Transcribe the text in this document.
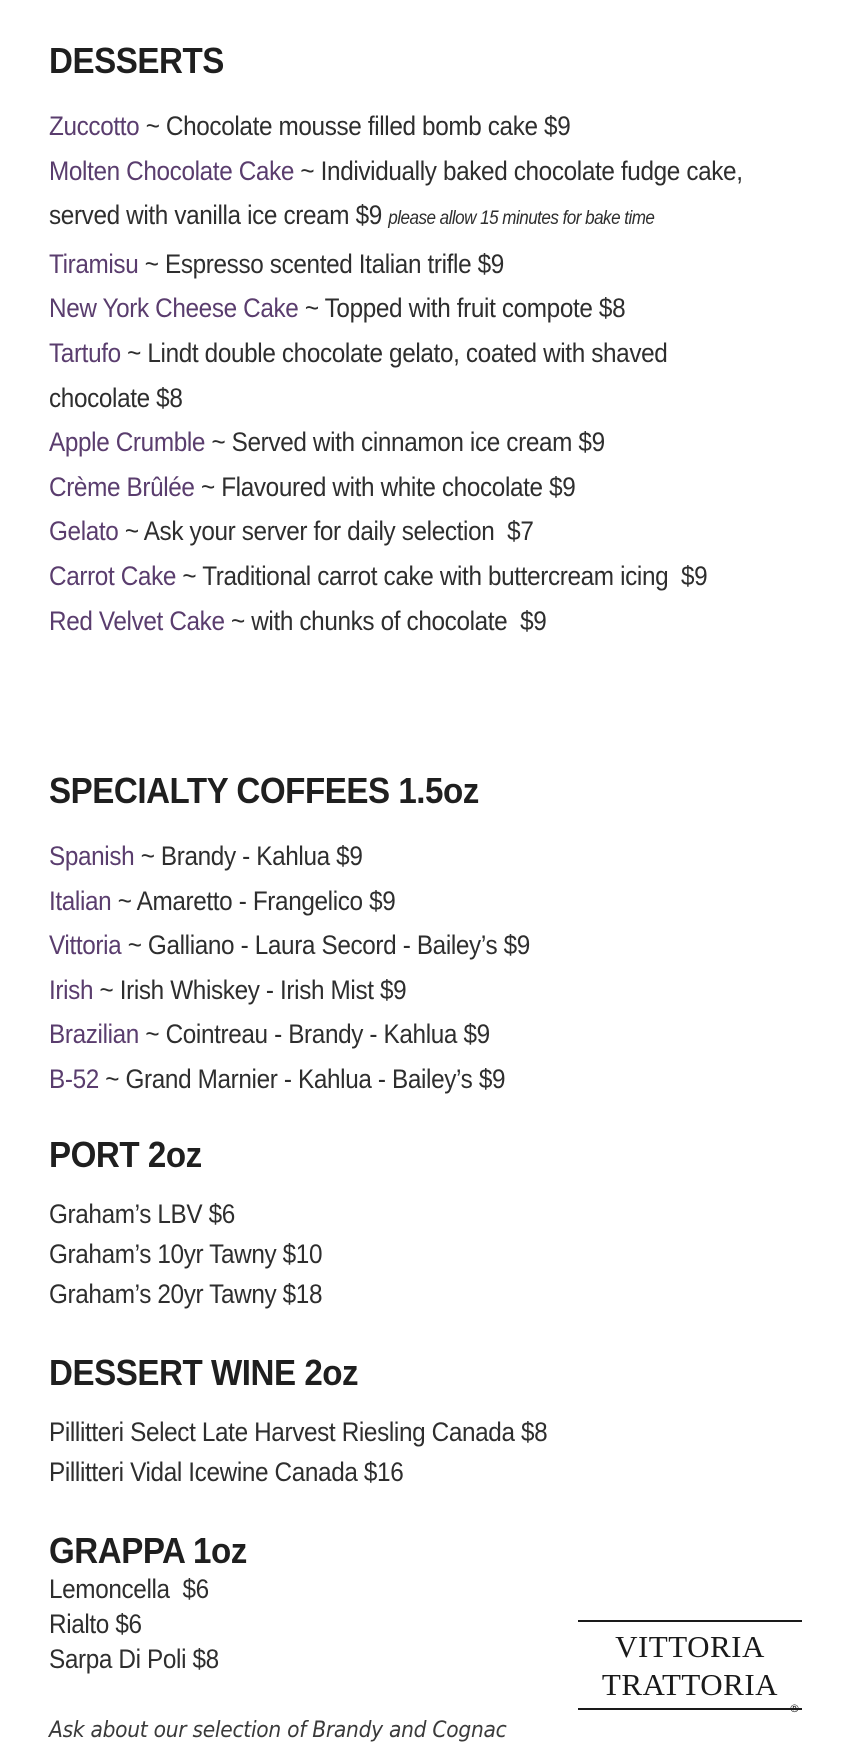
DESSERTS
Zuccotto ~ Chocolate mousse filled bomb cake $9
Molten Chocolate Cake ~ Individually baked chocolate fudge cake,
served with vanilla ice cream $9 please allow 15 minutes for bake time
Tiramisu ~ Espresso scented Italian trifle $9
New York Cheese Cake ~ Topped with fruit compote $8
Tartufo ~ Lindt double chocolate gelato, coated with shaved
chocolate $8
Apple Crumble ~ Served with cinnamon ice cream $9
Crème Brûlée ~ Flavoured with white chocolate $9
Gelato ~ Ask your server for daily selection  $7
Carrot Cake ~ Traditional carrot cake with buttercream icing  $9
Red Velvet Cake ~ with chunks of chocolate  $9
SPECIALTY COFFEES 1.5oz
Spanish ~ Brandy - Kahlua $9
Italian ~ Amaretto - Frangelico $9
Vittoria ~ Galliano - Laura Secord - Bailey’s $9
Irish ~ Irish Whiskey - Irish Mist $9
Brazilian ~ Cointreau - Brandy - Kahlua $9
B-52 ~ Grand Marnier - Kahlua - Bailey’s $9
PORT 2oz
Graham’s LBV $6
Graham’s 10yr Tawny $10
Graham’s 20yr Tawny $18
DESSERT WINE 2oz
Pillitteri Select Late Harvest Riesling Canada $8
Pillitteri Vidal Icewine Canada $16
GRAPPA 1oz
Lemoncella  $6
Rialto $6
Sarpa Di Poli $8
Ask about our selection of Brandy and Cognac
VITTORIA
TRATTORIA
®
